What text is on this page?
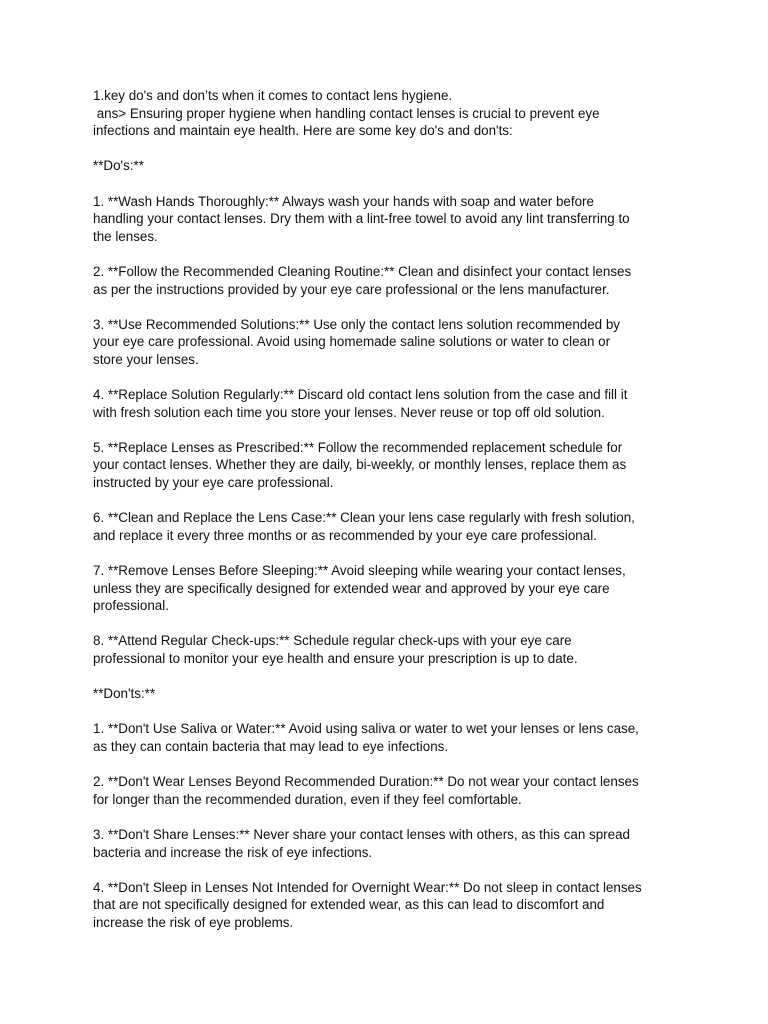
1.key do's and don’ts when it comes to contact lens hygiene.
ans> Ensuring proper hygiene when handling contact lenses is crucial to prevent eye
infections and maintain eye health. Here are some key do's and don'ts:
**Do's:**
1. **Wash Hands Thoroughly:** Always wash your hands with soap and water before
handling your contact lenses. Dry them with a lint-free towel to avoid any lint transferring to
the lenses.
2. **Follow the Recommended Cleaning Routine:** Clean and disinfect your contact lenses
as per the instructions provided by your eye care professional or the lens manufacturer.
3. **Use Recommended Solutions:** Use only the contact lens solution recommended by
your eye care professional. Avoid using homemade saline solutions or water to clean or
store your lenses.
4. **Replace Solution Regularly:** Discard old contact lens solution from the case and fill it
with fresh solution each time you store your lenses. Never reuse or top off old solution.
5. **Replace Lenses as Prescribed:** Follow the recommended replacement schedule for
your contact lenses. Whether they are daily, bi-weekly, or monthly lenses, replace them as
instructed by your eye care professional.
6. **Clean and Replace the Lens Case:** Clean your lens case regularly with fresh solution,
and replace it every three months or as recommended by your eye care professional.
7. **Remove Lenses Before Sleeping:** Avoid sleeping while wearing your contact lenses,
unless they are specifically designed for extended wear and approved by your eye care
professional.
8. **Attend Regular Check-ups:** Schedule regular check-ups with your eye care
professional to monitor your eye health and ensure your prescription is up to date.
**Don'ts:**
1. **Don't Use Saliva or Water:** Avoid using saliva or water to wet your lenses or lens case,
as they can contain bacteria that may lead to eye infections.
2. **Don't Wear Lenses Beyond Recommended Duration:** Do not wear your contact lenses
for longer than the recommended duration, even if they feel comfortable.
3. **Don't Share Lenses:** Never share your contact lenses with others, as this can spread
bacteria and increase the risk of eye infections.
4. **Don't Sleep in Lenses Not Intended for Overnight Wear:** Do not sleep in contact lenses
that are not specifically designed for extended wear, as this can lead to discomfort and
increase the risk of eye problems.
